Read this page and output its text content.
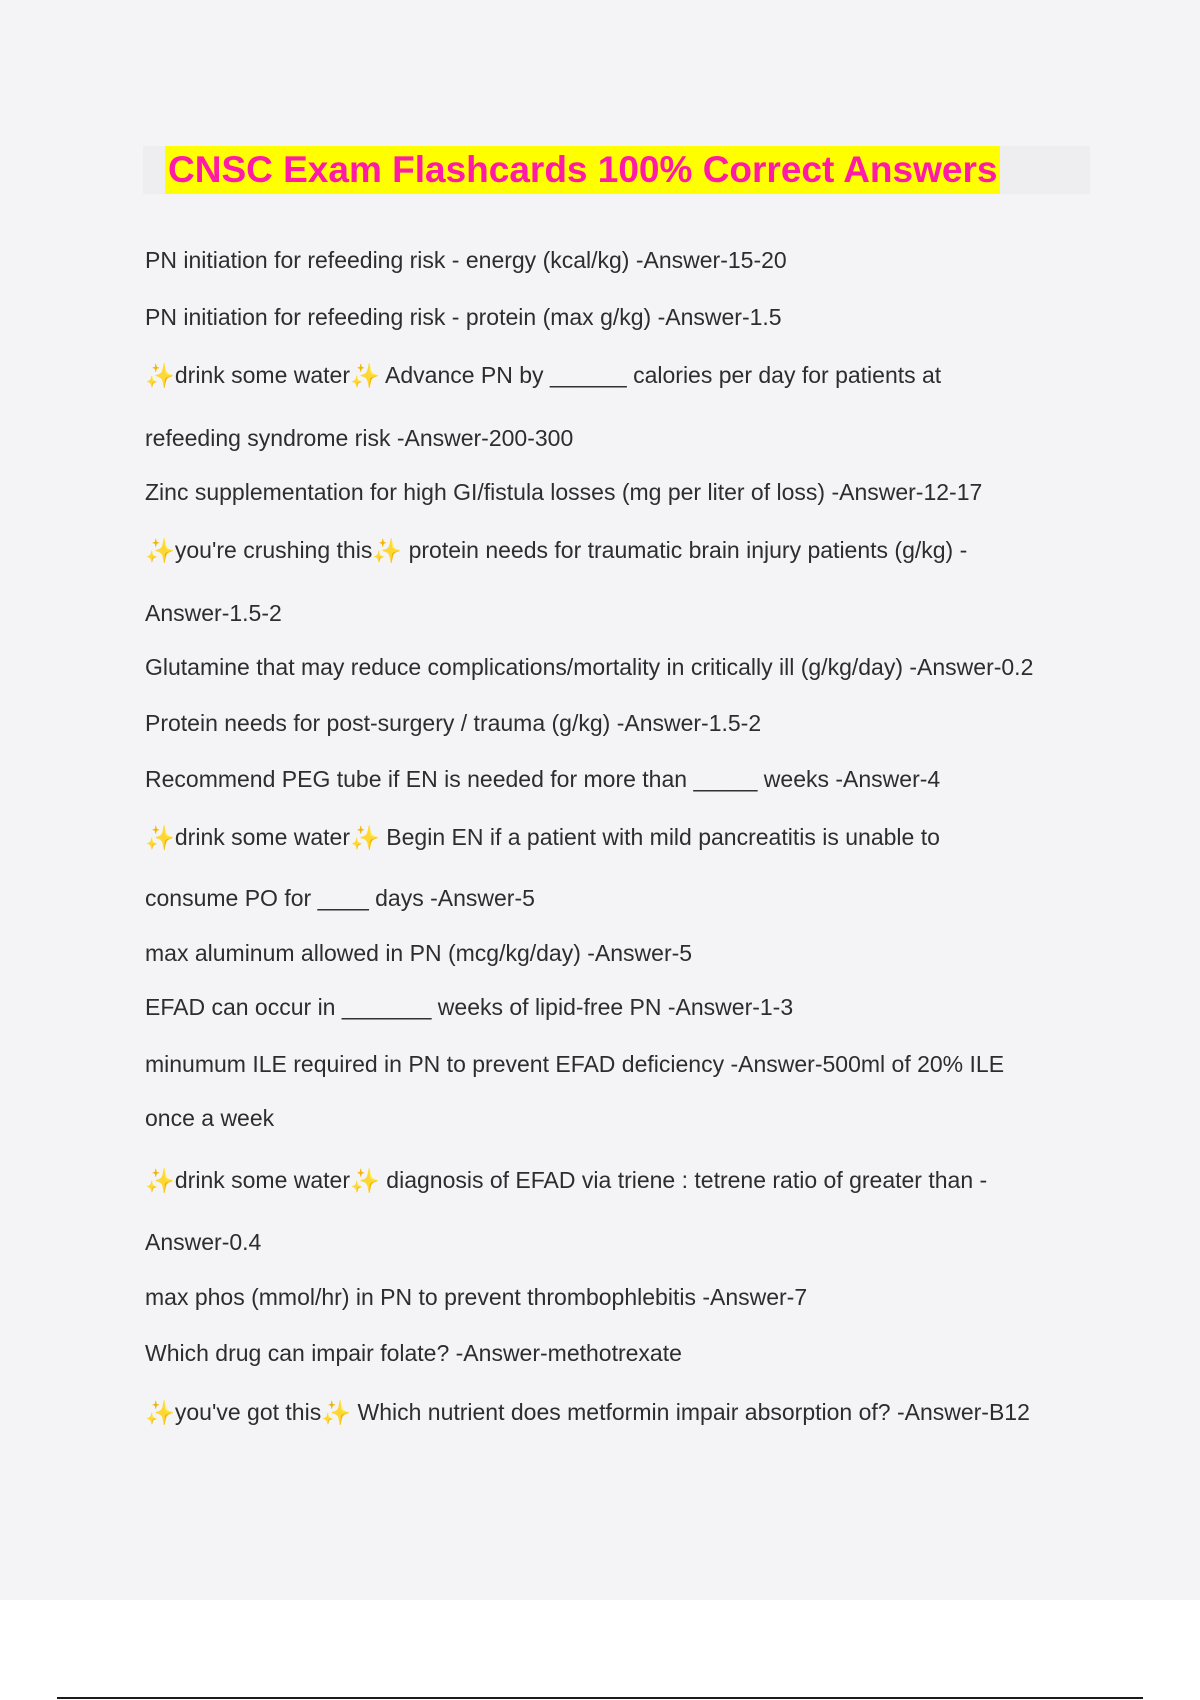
CNSC Exam Flashcards 100% Correct Answers
PN initiation for refeeding risk - energy (kcal/kg) -Answer-15-20
PN initiation for refeeding risk - protein (max g/kg) -Answer-1.5
✨drink some water✨ Advance PN by ______ calories per day for patients at
refeeding syndrome risk -Answer-200-300
Zinc supplementation for high GI/fistula losses (mg per liter of loss) -Answer-12-17
✨you're crushing this✨ protein needs for traumatic brain injury patients (g/kg) -
Answer-1.5-2
Glutamine that may reduce complications/mortality in critically ill (g/kg/day) -Answer-0.2
Protein needs for post-surgery / trauma (g/kg) -Answer-1.5-2
Recommend PEG tube if EN is needed for more than _____ weeks -Answer-4
✨drink some water✨ Begin EN if a patient with mild pancreatitis is unable to
consume PO for ____ days -Answer-5
max aluminum allowed in PN (mcg/kg/day) -Answer-5
EFAD can occur in _______ weeks of lipid-free PN -Answer-1-3
minumum ILE required in PN to prevent EFAD deficiency -Answer-500ml of 20% ILE
once a week
✨drink some water✨ diagnosis of EFAD via triene : tetrene ratio of greater than -
Answer-0.4
max phos (mmol/hr) in PN to prevent thrombophlebitis -Answer-7
Which drug can impair folate? -Answer-methotrexate
✨you've got this✨ Which nutrient does metformin impair absorption of? -Answer-B12
